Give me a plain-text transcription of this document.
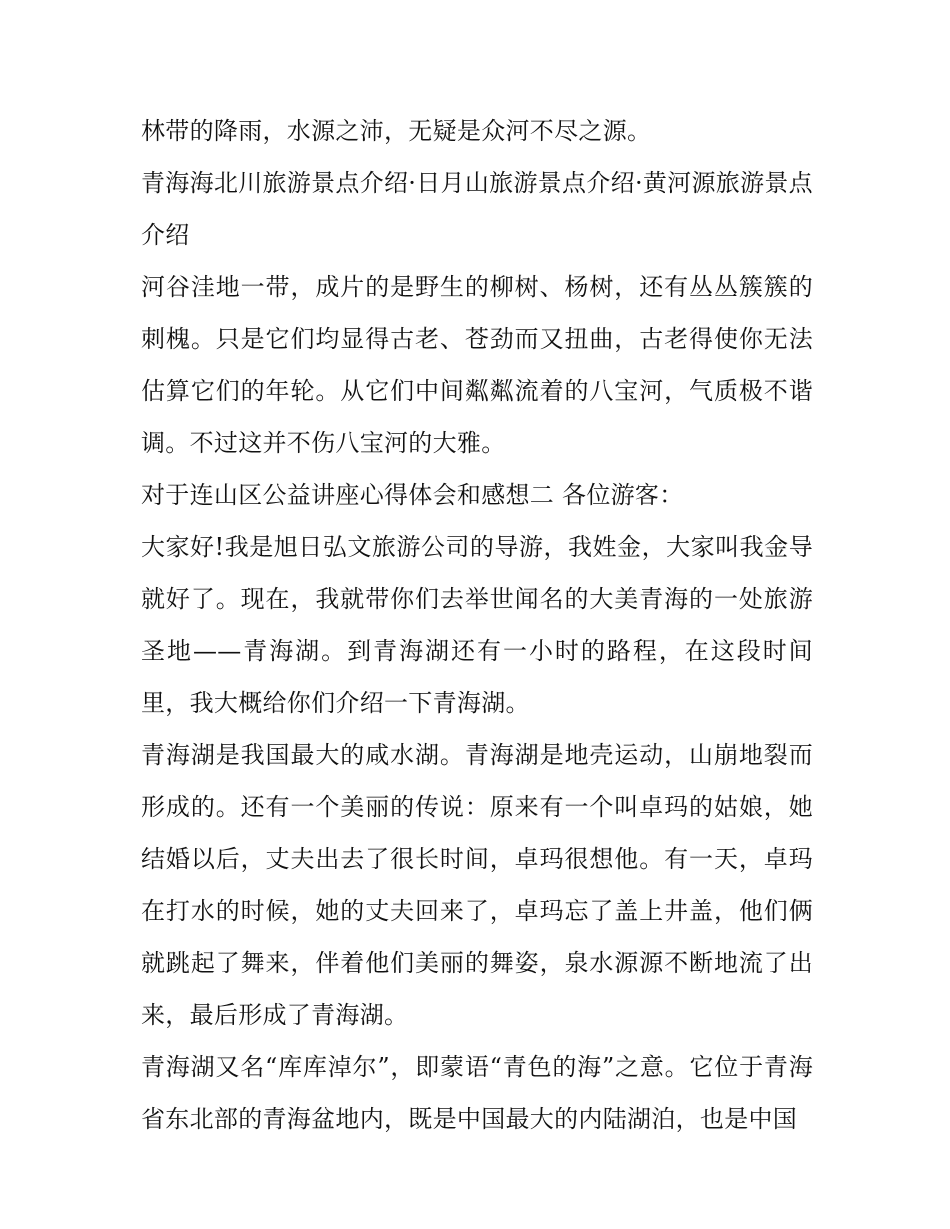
林带的降雨，水源之沛，无疑是众河不尽之源。

青海海北川旅游景点介绍·日月山旅游景点介绍·黄河源旅游景点介绍

河谷洼地一带，成片的是野生的柳树、杨树，还有丛丛簇簇的刺槐。只是它们均显得古老、苍劲而又扭曲，古老得使你无法估算它们的年轮。从它们中间粼粼流着的八宝河，气质极不谐调。不过这并不伤八宝河的大雅。

对于连山区公益讲座心得体会和感想二 各位游客：

大家好!我是旭日弘文旅游公司的导游，我姓金，大家叫我金导就好了。现在，我就带你们去举世闻名的大美青海的一处旅游圣地——青海湖。到青海湖还有一小时的路程，在这段时间里，我大概给你们介绍一下青海湖。

青海湖是我国最大的咸水湖。青海湖是地壳运动，山崩地裂而形成的。还有一个美丽的传说：原来有一个叫卓玛的姑娘，她结婚以后，丈夫出去了很长时间，卓玛很想他。有一天，卓玛在打水的时候，她的丈夫回来了，卓玛忘了盖上井盖，他们俩就跳起了舞来，伴着他们美丽的舞姿，泉水源源不断地流了出来，最后形成了青海湖。

青海湖又名“库库淖尔”，即蒙语“青色的海”之意。它位于青海省东北部的青海盆地内，既是中国最大的内陆湖泊，也是中国
